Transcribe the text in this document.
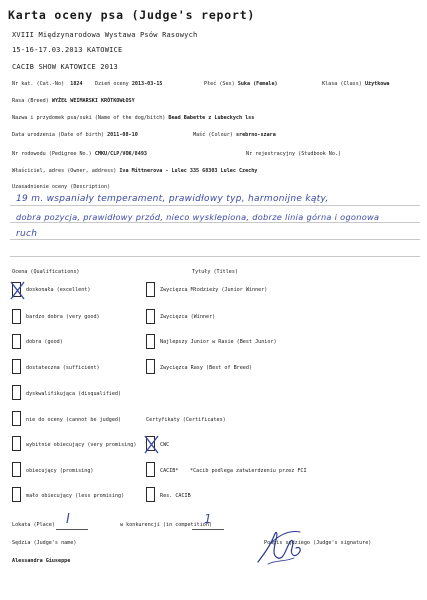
Karta oceny psa (Judge's report)
XVIII Międzynarodowa Wystawa Psów Rasowych
15-16-17.03.2013 KATOWICE
CACIB SHOW KATOWICE 2013
Nr kat. (Cat.-No) 1824 Dzień oceny 2013-03-15	Płeć (Sex) Suka (Female)	Klasa (Class) Użytkowa
Rasa (Breed) WYŻEŁ WEIMARSKI KRÓTKOWŁOSY
Nazwa i przydomek psa/suki (Name of the dog/bitch) Bead Babette z Lubeckych lss
Data urodzenia (Date of birth) 2011-08-10	Maść (Colour) srebrno-szara
Nr rodowodu (Pedigree No.) CMKU/CLP/VOK/8493	Nr rejestracyjny (Studbook No.)
Właściciel, adres (Owner, address) Iva Mittnerova - Lulec 335 68303 Lulec Czechy
Uzasadnienie oceny (Description)
19 m. wspaniały temperament, prawidłowy typ, harmonijne kąty,
dobra pozycja, prawidłowy przód, nieco wysklepiona, dobrze linia górna i ogonowa
ruch
Ocena (Qualifications)	Tytuły (Titles)
doskonała (excellent)
bardzo dobra (very good)
dobra (good)
dostateczna (sufficient)
dyskwalifikująca (disqualified)
nie do oceny (cannot be judged)
wybitnie obiecujący (very promising)
obiecujący (promising)
mało obiecujący (less promising)
Zwycięzca Młodzieży (Junior Winner)
Zwycięzca (Winner)
Najlepszy Junior w Rasie (Best Junior)
Zwycięzca Rasy (Best of Breed)
Certyfikaty (Certificates)
CWC
CACIB* *Cacib podlega zatwierdzeniu przez FCI
Res. CACIB
Lokata (Place) I	w konkurencji (in competition)
1
Sędzia (Judge's name)
Alessandra Giuseppe
Podpis sędziego (Judge's signature)
